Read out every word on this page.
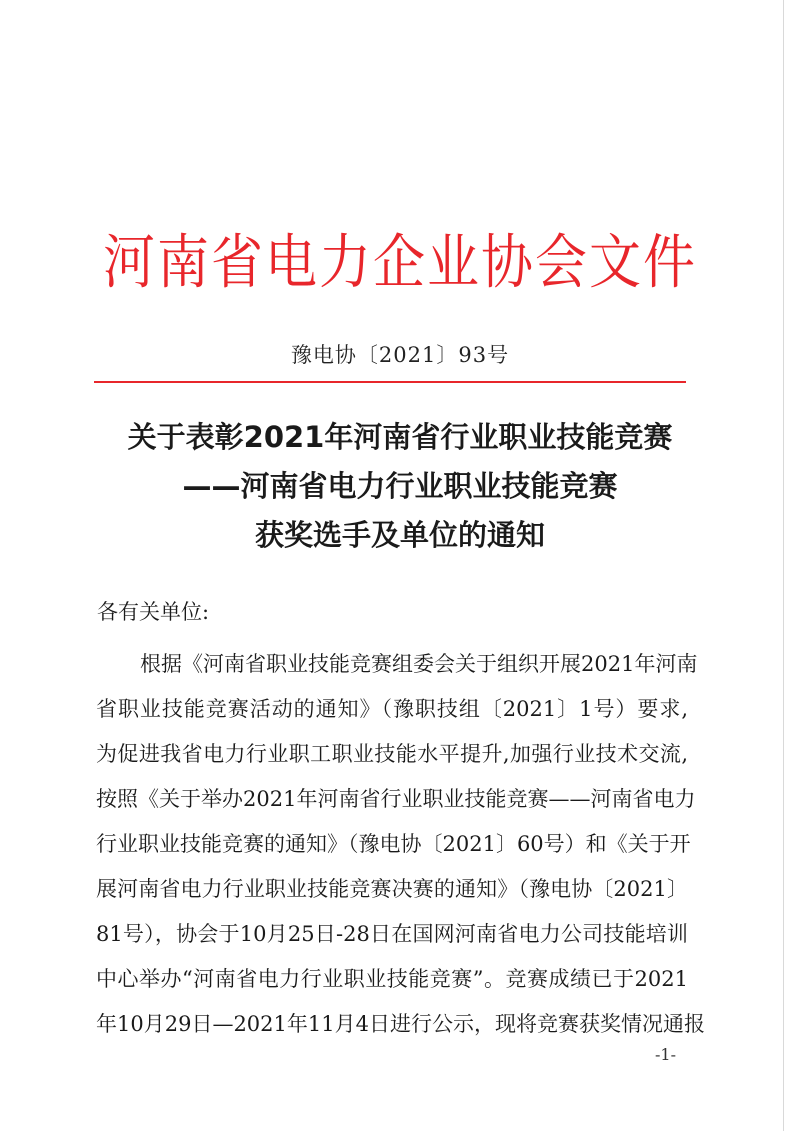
河南省电力企业协会文件
豫电协〔2021〕93号
关于表彰2021年河南省行业职业技能竞赛
——河南省电力行业职业技能竞赛
获奖选手及单位的通知
各有关单位:
根据《河南省职业技能竞赛组委会关于组织开展2021年河南
省职业技能竞赛活动的通知》（豫职技组〔2021〕1号）要求,
为促进我省电力行业职工职业技能水平提升,加强行业技术交流,
按照《关于举办2021年河南省行业职业技能竞赛——河南省电力
行业职业技能竞赛的通知》（豫电协〔2021〕60号）和《关于开
展河南省电力行业职业技能竞赛决赛的通知》（豫电协〔2021〕
81号），协会于10月25日-28日在国网河南省电力公司技能培训
中心举办“河南省电力行业职业技能竞赛”。竞赛成绩已于2021
年10月29日—2021年11月4日进行公示，现将竞赛获奖情况通报
-1-
